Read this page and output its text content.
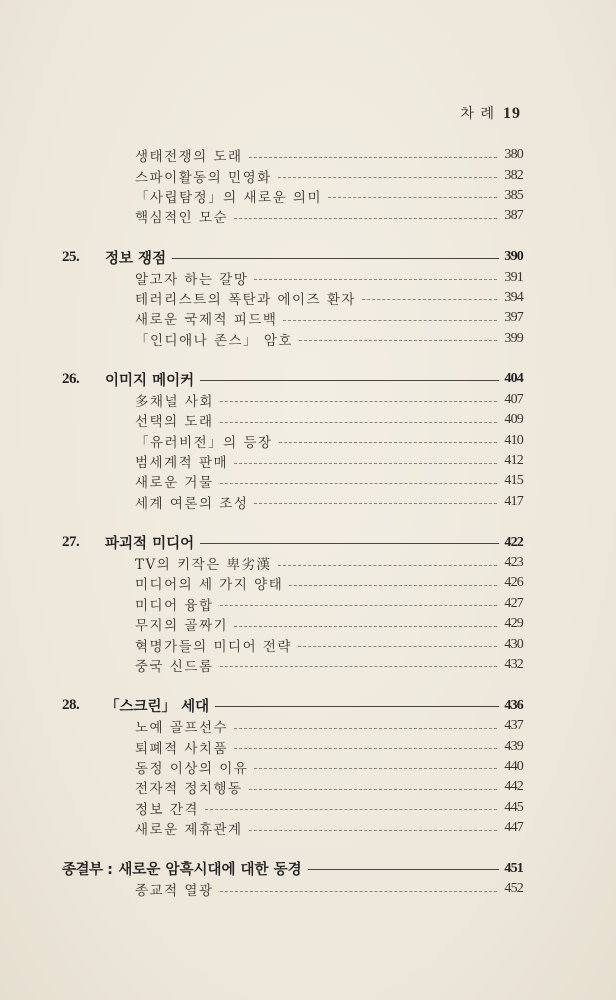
차 례 19
생태전쟁의 도래	380
스파이활동의 민영화	382
「사립탐정」의 새로운 의미	385
핵심적인 모순	387
25.	정보 쟁점	390
알고자 하는 갈망	391
테러리스트의 폭탄과 에이즈 환자	394
새로운 국제적 피드백	397
「인디애나 존스」 암호	399
26.	이미지 메이커	404
多채널 사회	407
선택의 도래	409
「유러비전」의 등장	410
범세계적 판매	412
새로운 거물	415
세계 여론의 조성	417
27.	파괴적 미디어	422
TV의 키작은 卑劣漢	423
미디어의 세 가지 양태	426
미디어 융합	427
무지의 골짜기	429
혁명가들의 미디어 전략	430
중국 신드롬	432
28.	「스크린」 세대	436
노예 골프선수	437
퇴폐적 사치품	439
동정 이상의 이유	440
전자적 정치행동	442
정보 간격	445
새로운 제휴관계	447
종결부 : 새로운 암흑시대에 대한 동경	451
종교적 열광	452
